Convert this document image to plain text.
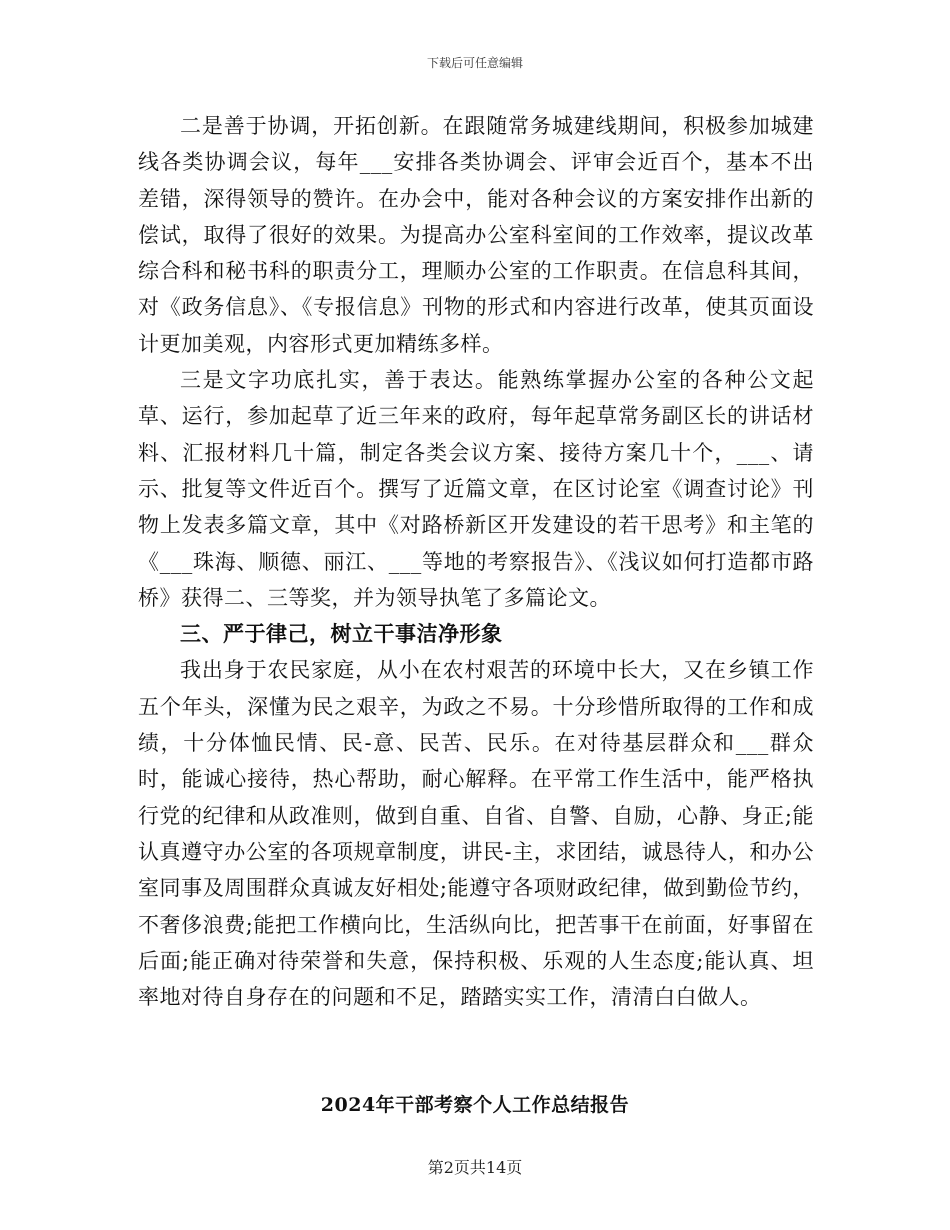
下载后可任意编辑

二是善于协调，开拓创新。在跟随常务城建线期间，积极参加城建线各类协调会议，每年___安排各类协调会、评审会近百个，基本不出差错，深得领导的赞许。在办会中，能对各种会议的方案安排作出新的偿试，取得了很好的效果。为提高办公室科室间的工作效率，提议改革综合科和秘书科的职责分工，理顺办公室的工作职责。在信息科其间，对《政务信息》、《专报信息》刊物的形式和内容进行改革，使其页面设计更加美观，内容形式更加精练多样。

三是文字功底扎实，善于表达。能熟练掌握办公室的各种公文起草、运行，参加起草了近三年来的政府，每年起草常务副区长的讲话材料、汇报材料几十篇，制定各类会议方案、接待方案几十个，___、请示、批复等文件近百个。撰写了近篇文章，在区讨论室《调查讨论》刊物上发表多篇文章，其中《对路桥新区开发建设的若干思考》和主笔的《___珠海、顺德、丽江、___等地的考察报告》、《浅议如何打造都市路桥》获得二、三等奖，并为领导执笔了多篇论文。

三、严于律己，树立干事洁净形象

我出身于农民家庭，从小在农村艰苦的环境中长大，又在乡镇工作五个年头，深懂为民之艰辛，为政之不易。十分珍惜所取得的工作和成绩，十分体恤民情、民-意、民苦、民乐。在对待基层群众和___群众时，能诚心接待，热心帮助，耐心解释。在平常工作生活中，能严格执行党的纪律和从政准则，做到自重、自省、自警、自励，心静、身正;能认真遵守办公室的各项规章制度，讲民-主，求团结，诚恳待人，和办公室同事及周围群众真诚友好相处;能遵守各项财政纪律，做到勤俭节约，不奢侈浪费;能把工作横向比，生活纵向比，把苦事干在前面，好事留在后面;能正确对待荣誉和失意，保持积极、乐观的人生态度;能认真、坦率地对待自身存在的问题和不足，踏踏实实工作，清清白白做人。

2024年干部考察个人工作总结报告
第2页共14页
